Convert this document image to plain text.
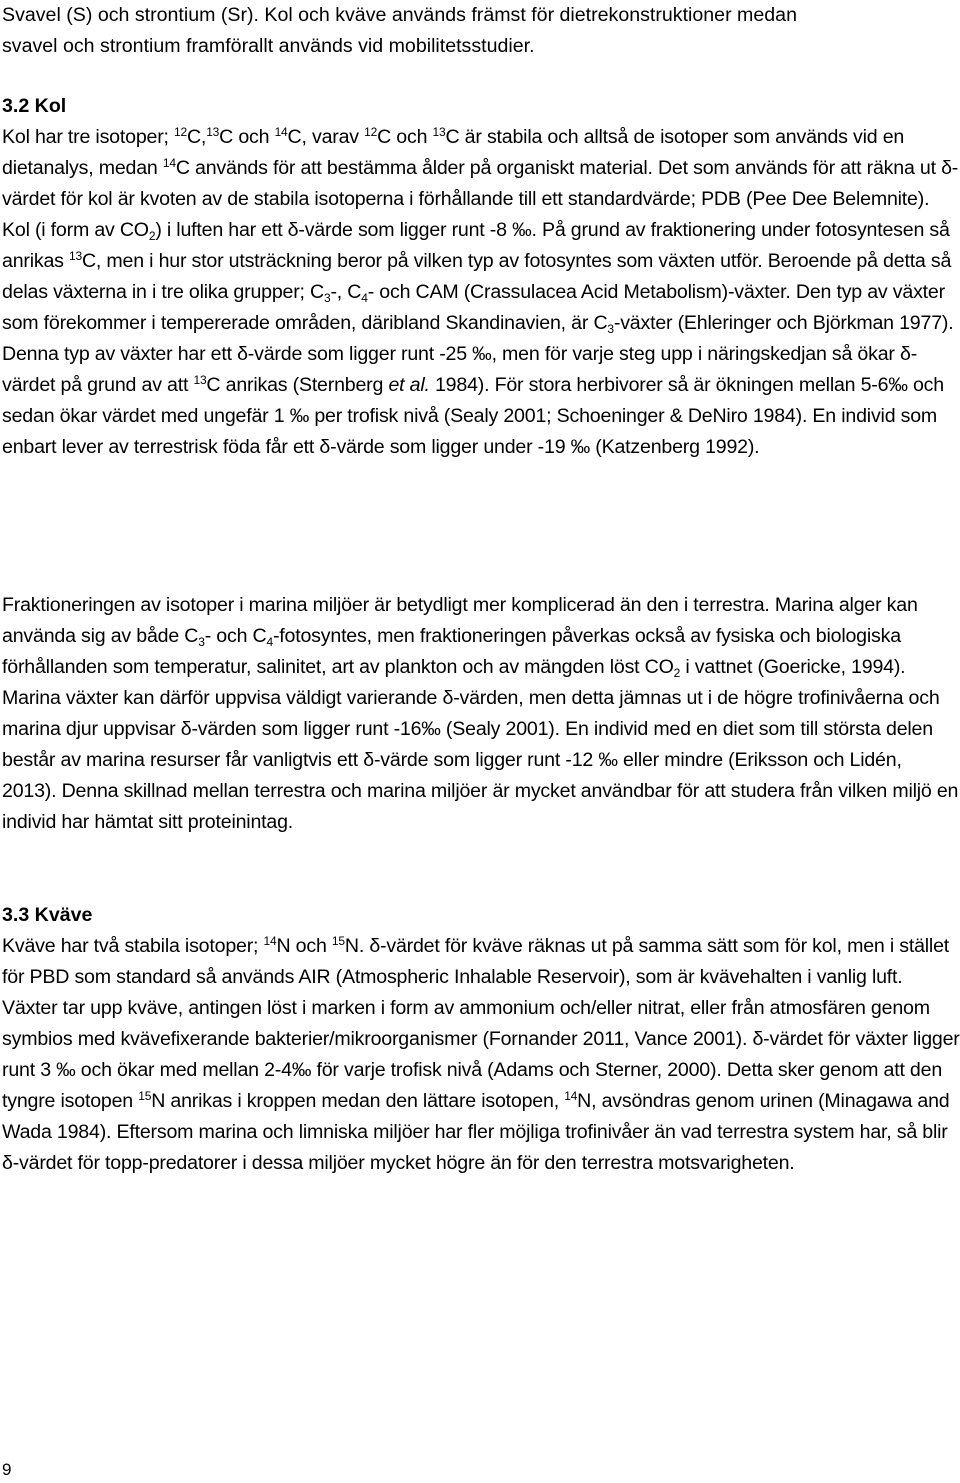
Svavel (S) och strontium (Sr). Kol och kväve används främst för dietrekonstruktioner medan
svavel och strontium framförallt används vid mobilitetsstudier.

3.2 Kol

Kol har tre isotoper; $^{12}$C,$^{13}$C och $^{14}$C, varav $^{12}$C och $^{13}$C är stabila och alltså de isotoper som används vid en dietanalys, medan $^{14}$C används för att bestämma ålder på organiskt material. Det som används för att räkna ut δ-värdet för kol är kvoten av de stabila isotoperna i förhållande till ett standardvärde; PDB (Pee Dee Belemnite). Kol (i form av $CO_2$) i luften har ett δ-värde som ligger runt -8 ‰. På grund av fraktionering under fotosyntesen så anrikas $^{13}$C, men i hur stor utsträckning beror på vilken typ av fotosyntes som växten utför. Beroende på detta så delas växterna in i tre olika grupper; $C_3-$, $C_4-$ och CAM (Crassulacea Acid Metabolism)-växter. Den typ av växter som förekommer i tempererade områden, däribland Skandinavien, är $C_3$-växter (Ehleringer och Björkman 1977). Denna typ av växter har ett δ-värde som ligger runt -25 ‰, men för varje steg upp i näringskedjan så ökar δ-värdet på grund av att $^{13}$C anrikas (Sternberg et al. 1984). För stora herbivorer så är ökningen mellan 5-6‰ och sedan ökar värdet med ungefär 1 ‰ per trofisk nivå (Sealy 2001; Schoeninger & DeNiro 1984). En individ som enbart lever av terrestrisk föda får ett δ-värde som ligger under -19 ‰ (Katzenberg 1992).

Fraktioneringen av isotoper i marina miljöer är betydligt mer komplicerad än den i terrestra. Marina alger kan använda sig av både $C_3-$ och $C_4$-fotosyntes, men fraktioneringen påverkas också av fysiska och biologiska förhållanden som temperatur, salinitet, art av plankton och av mängden löst $CO_2$ i vattnet (Goericke, 1994). Marina växter kan därför uppvisa väldigt varierande δ-värden, men detta jämnas ut i de högre trofinivåerna och marina djur uppvisar δ-värden som ligger runt -16‰ (Sealy 2001). En individ med en diet som till största delen består av marina resurser får vanligtvis ett δ-värde som ligger runt -12 ‰ eller mindre (Eriksson och Lidén, 2013). Denna skillnad mellan terrestra och marina miljöer är mycket användbar för att studera från vilken miljö en individ har hämtat sitt proteinintag.

3.3 Kväve

Kväve har två stabila isotoper; $^{14}$N och $^{15}$N. δ-värdet för kväve räknas ut på samma sätt som för kol, men i stället för PBD som standard så används AIR (Atmospheric Inhalable Reservoir), som är kvävehalten i vanlig luft. Växter tar upp kväve, antingen löst i marken i form av ammonium och/eller nitrat, eller från atmosfären genom symbios med kvävefixerande bakterier/mikroorganismer (Fornander 2011, Vance 2001). δ-värdet för växter ligger runt 3 ‰ och ökar med mellan 2-4‰ för varje trofisk nivå (Adams och Sterner, 2000). Detta sker genom att den tyngre isotopen $^{15}$N anrikas i kroppen medan den lättare isotopen, $^{14}$N, avsöndras genom urinen (Minagawa and Wada 1984). Eftersom marina och limniska miljöer har fler möjliga trofinivåer än vad terrestra system har, så blir δ-värdet för topp-predatorer i dessa miljöer mycket högre än för den terrestra motsvarigheten.

9
